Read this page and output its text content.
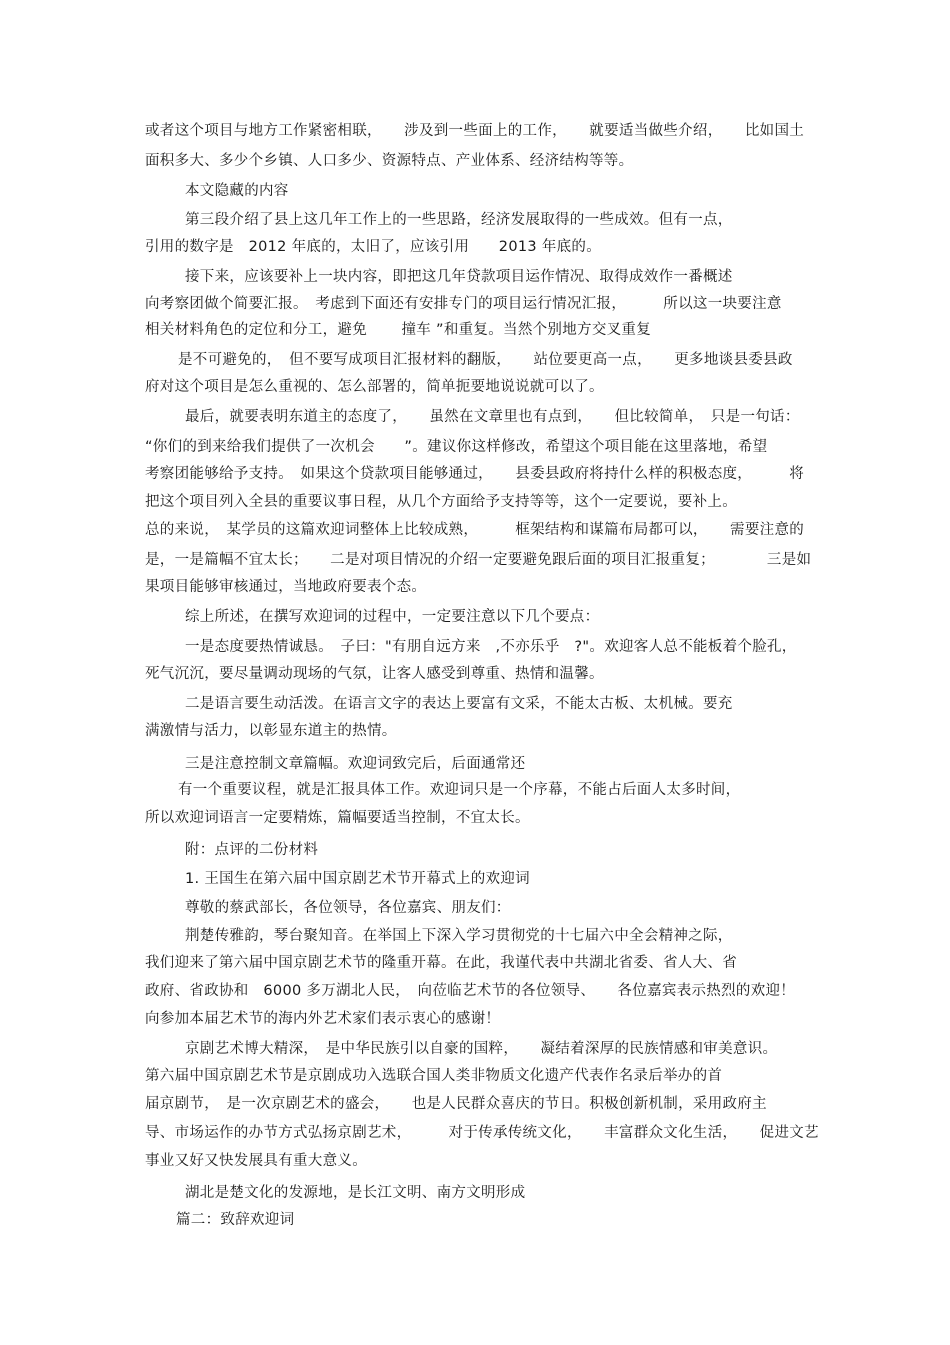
或者这个项目与地方工作紧密相联，　　涉及到一些面上的工作，　　就要适当做些介绍，　　比如国土
面积多大、多少个乡镇、人口多少、资源特点、产业体系、经济结构等等。
本文隐藏的内容
第三段介绍了县上这几年工作上的一些思路，经济发展取得的一些成效。但有一点，
引用的数字是　2012 年底的，太旧了，应该引用　　2013 年底的。
接下来，应该要补上一块内容，即把这几年贷款项目运作情况、取得成效作一番概述
向考察团做个简要汇报。　考虑到下面还有安排专门的项目运行情况汇报，　　　所以这一块要注意
相关材料角色的定位和分工，避免　　 撞车 ”和重复。当然个别地方交叉重复
是不可避免的，　但不要写成项目汇报材料的翻版，　　站位要更高一点，　　更多地谈县委县政
府对这个项目是怎么重视的、怎么部署的，简单扼要地说说就可以了。
最后，就要表明东道主的态度了，　　虽然在文章里也有点到，　　但比较简单，　只是一句话：
“你们的到来给我们提供了一次机会　　”。建议你这样修改，希望这个项目能在这里落地，希望
考察团能够给予支持。　如果这个贷款项目能够通过，　　县委县政府将持什么样的积极态度，　　　将
把这个项目列入全县的重要议事日程，从几个方面给予支持等等，这个一定要说，要补上。
总的来说，　某学员的这篇欢迎词整体上比较成熟，　　　框架结构和谋篇布局都可以，　　需要注意的
是，一是篇幅不宜太长；　　二是对项目情况的介绍一定要避免跟后面的项目汇报重复；　　　　三是如
果项目能够审核通过，当地政府要表个态。
综上所述，在撰写欢迎词的过程中，一定要注意以下几个要点：
一是态度要热情诚恳。　子曰："有朋自远方来　,不亦乐乎　?"。欢迎客人总不能板着个脸孔，
死气沉沉，要尽量调动现场的气氛，让客人感受到尊重、热情和温馨。
二是语言要生动活泼。在语言文字的表达上要富有文采，不能太古板、太机械。要充
满激情与活力，以彰显东道主的热情。
三是注意控制文章篇幅。欢迎词致完后，后面通常还
有一个重要议程，就是汇报具体工作。欢迎词只是一个序幕，不能占后面人太多时间，
所以欢迎词语言一定要精炼，篇幅要适当控制，不宜太长。
附：点评的二份材料
1. 王国生在第六届中国京剧艺术节开幕式上的欢迎词
尊敬的蔡武部长，各位领导，各位嘉宾、朋友们：
荆楚传雅韵，琴台聚知音。在举国上下深入学习贯彻党的十七届六中全会精神之际，
我们迎来了第六届中国京剧艺术节的隆重开幕。在此，我谨代表中共湖北省委、省人大、省
政府、省政协和　6000 多万湖北人民，　向莅临艺术节的各位领导、　　各位嘉宾表示热烈的欢迎！
向参加本届艺术节的海内外艺术家们表示衷心的感谢！
京剧艺术博大精深，　是中华民族引以自豪的国粹，　　凝结着深厚的民族情感和审美意识。
第六届中国京剧艺术节是京剧成功入选联合国人类非物质文化遗产代表作名录后举办的首
届京剧节，　是一次京剧艺术的盛会，　　也是人民群众喜庆的节日。积极创新机制，采用政府主
导、市场运作的办节方式弘扬京剧艺术，　　　对于传承传统文化，　　丰富群众文化生活，　　促进文艺
事业又好又快发展具有重大意义。
湖北是楚文化的发源地，是长江文明、南方文明形成
篇二：致辞欢迎词
